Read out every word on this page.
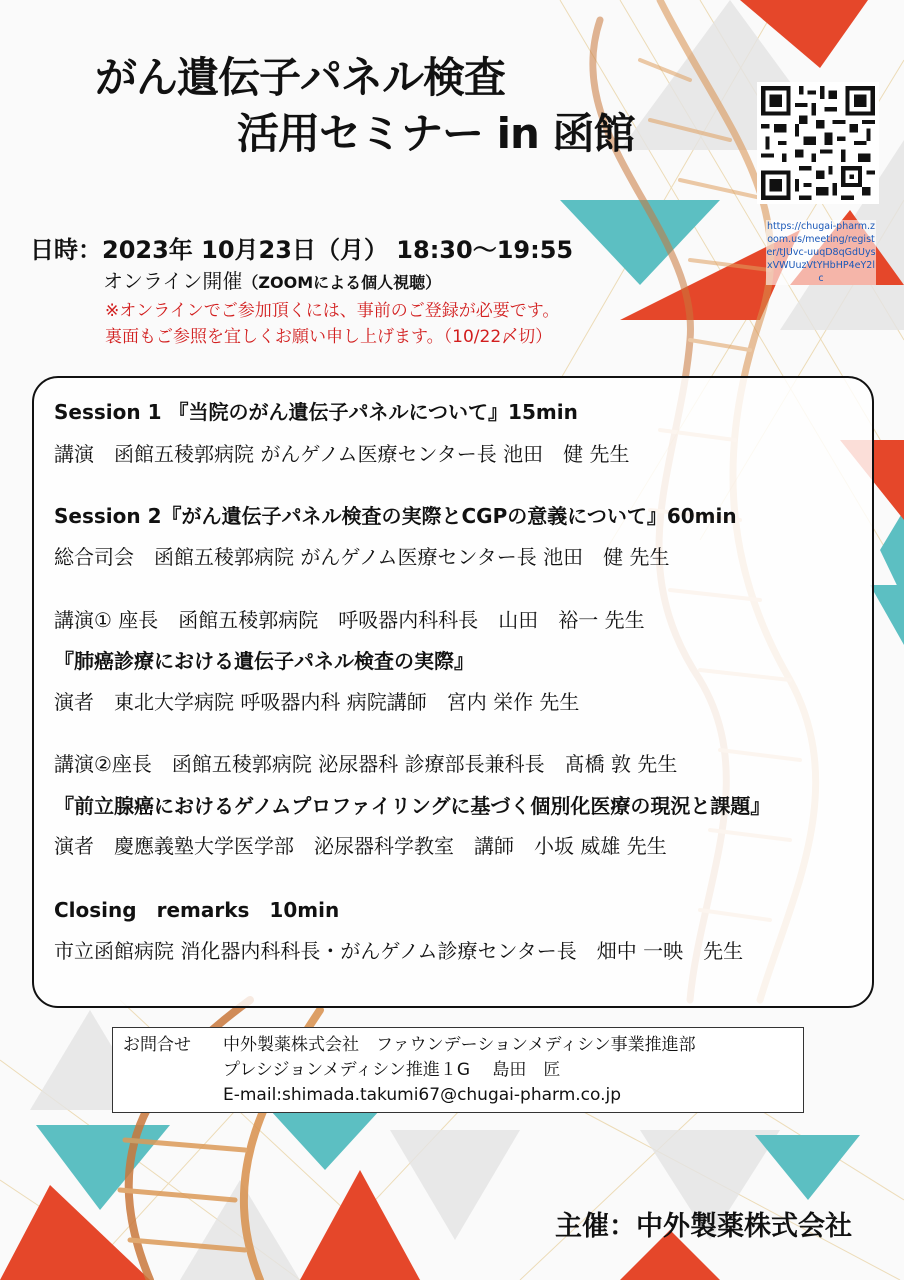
がん遺伝子パネル検査
活用セミナー in 函館
https://chugai-pharm.zoom.us/meeting/register/tJUvc-uuqD8qGdUysxVWUuzVtYHbHP4eY2lc
日時：2023年 10月23日（月） 18:30～19:55
オンライン開催（ZOOMによる個人視聴）
※オンラインでご参加頂くには、事前のご登録が必要です。
裏面もご参照を宜しくお願い申し上げます。（10/22〆切）
Session 1 『当院のがん遺伝子パネルについて』15min
講演　函館五稜郭病院 がんゲノム医療センター長 池田　健 先生
Session 2『がん遺伝子パネル検査の実際とCGPの意義について』60min
総合司会　函館五稜郭病院 がんゲノム医療センター長 池田　健 先生
講演① 座長　函館五稜郭病院　呼吸器内科科長　山田　裕一 先生
『肺癌診療における遺伝子パネル検査の実際』
演者　東北大学病院 呼吸器内科 病院講師　宮内 栄作 先生
講演②座長　函館五稜郭病院 泌尿器科 診療部長兼科長　髙橋 敦 先生
『前立腺癌におけるゲノムプロファイリングに基づく個別化医療の現況と課題』
演者　慶應義塾大学医学部　泌尿器科学教室　講師　小坂 威雄 先生
Closing　remarks　10min
市立函館病院 消化器内科科長・がんゲノム診療センター長　畑中 一映　先生
お問合せ 中外製薬株式会社　ファウンデーションメディシン事業推進部
プレシジョンメディシン推進１G　 島田　匠
E-mail:shimada.takumi67@chugai-pharm.co.jp
主催：中外製薬株式会社
